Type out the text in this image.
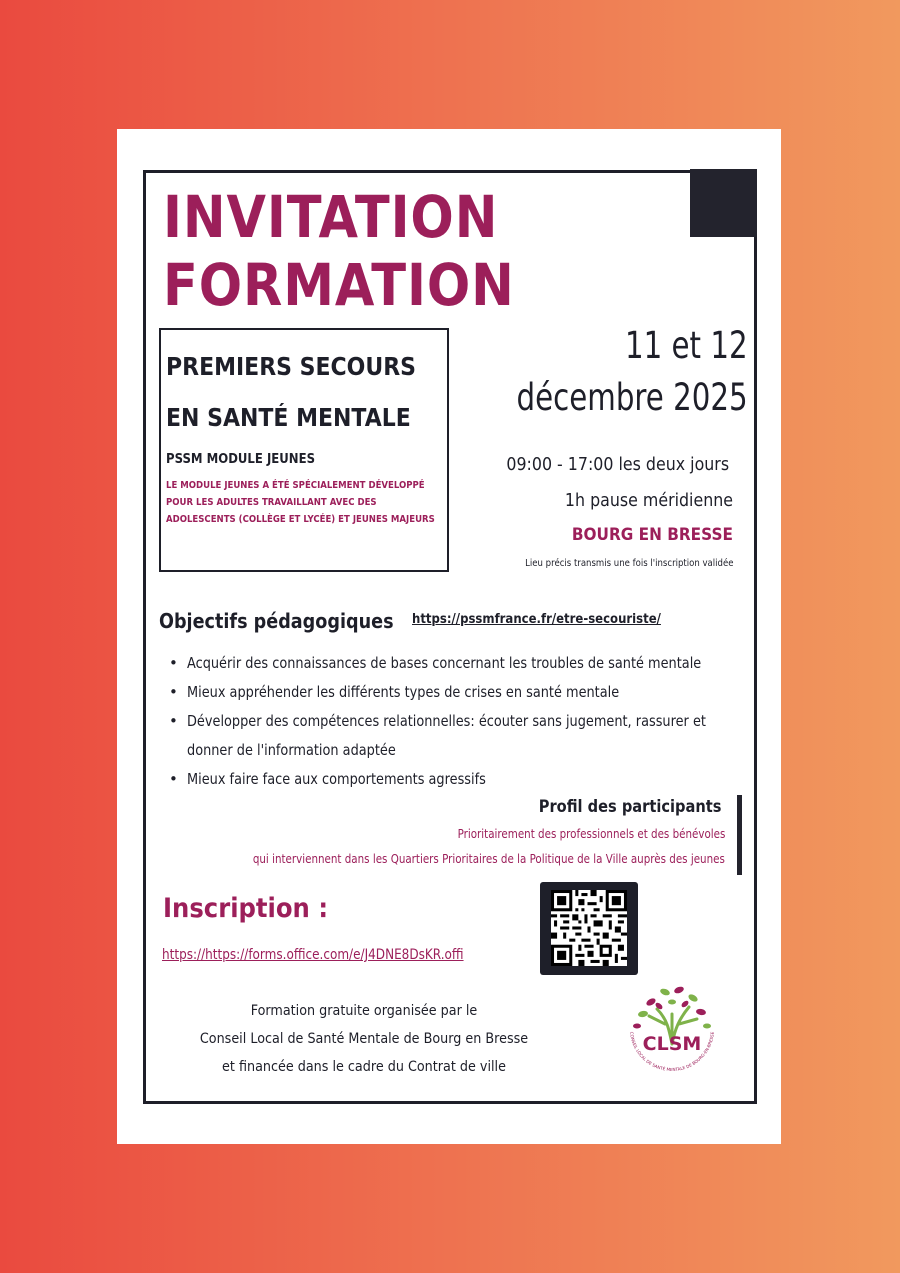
INVITATION
FORMATION
PREMIERS SECOURS
EN SANTÉ MENTALE
PSSM MODULE JEUNES
LE MODULE JEUNES A ÉTÉ SPÉCIALEMENT DÉVELOPPÉ POUR LES ADULTES TRAVAILLANT AVEC DES ADOLESCENTS (COLLÈGE ET LYCÉE) ET JEUNES MAJEURS
11 et 12
décembre 2025
09:00 - 17:00 les deux jours
1h pause méridienne
BOURG EN BRESSE
Lieu précis transmis une fois l'inscription validée
Objectifs pédagogiques https://pssmfrance.fr/etre-secouriste/
• Acquérir des connaissances de bases concernant les troubles de santé mentale
• Mieux appréhender les différents types de crises en santé mentale
• Développer des compétences relationnelles: écouter sans jugement, rassurer et donner de l'information adaptée
• Mieux faire face aux comportements agressifs
Profil des participants
Prioritairement des professionnels et des bénévoles
qui interviennent dans les Quartiers Prioritaires de la Politique de la Ville auprès des jeunes
Inscription :
https://https://forms.office.com/e/J4DNE8DsKR.offi
Formation gratuite organisée par le
Conseil Local de Santé Mentale de Bourg en Bresse
et financée dans le cadre du Contrat de ville
CLSM
CONSEIL LOCAL DE SANTÉ MENTALE DE BOURG-EN-BRESSE
